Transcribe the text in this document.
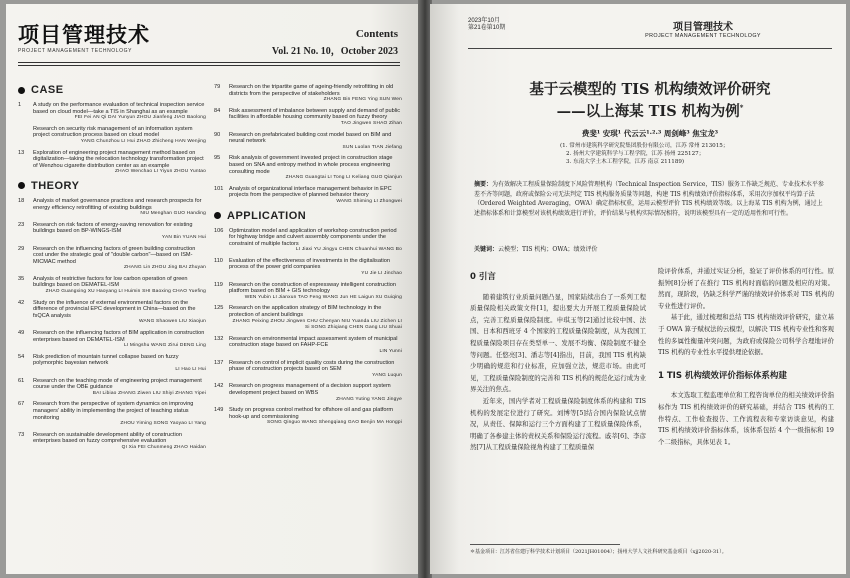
项目管理技术
PROJECT MANAGEMENT TECHNOLOGY
Contents
Vol. 21 No. 10，October 2023
CASE
1	A study on the performance evaluation of technical inspection service based on cloud model—take a TIS in Shanghai as an example
FEI Fei AN Qi DAI Yunyun ZHOU Jianfeng JIAO Baolong
Research on security risk management of an information system project construction process based on cloud model
YANG Chunzhou LI Hui ZHAO Zhicheng HAN Wenjing
13	Exploration of engineering project management method based on digitalization—taking the relocation technology transformation project of Wenzhou cigarette distribution center as an example
ZHAO Wenchao LI Yiyun ZHOU Yuntao
THEORY
18	Analysis of market governance practices and research prospects for energy efficiency retrofitting of existing buildings
NIU Menghan GUO Handing
23	Research on risk factors of energy-saving renovation for existing buildings based on BP-WINGS-ISM
YAN Bin YUAN Hui
29	Research on the influencing factors of green building construction cost under the strategic goal of "double carbon"—based on ISM-MICMAC method
ZHANG Lin ZHOU Jing BAI Zhuyan
35	Analysis of restrictive factors for low carbon operation of green buildings based on DEMATEL-ISM
ZHAO Guangxing XU Haoyang LI Huimin SHI Baoxing CHAO Yuefing
42	Study on the influence of external environmental factors on the difference of provincial EPC development in China—based on the fsQCA analysis
WANG Shaowen LIU Xiaojun
49	Research on the influencing factors of BIM application in construction enterprises based on DEMATEL-ISM
LI Mingshu WANG Zirui DENG Ling
54	Risk prediction of mountain tunnel collapse based on fuzzy polymorphic bayesian network
LI Hao LI Hui
61	Research on the teaching mode of engineering project management course under the OBE guidance
BAI Libiao ZHANG Ziwen LIU Shiyi ZHANG Yipei
67	Research from the perspective of system dynamics on improving managers' ability in implementing the project of teaching status monitoring
ZHOU Yiming SONG Yaoyao LI Yang
73	Research on sustainable development ability of construction enterprises based on fuzzy comprehensive evaluation
QI Xia FEI Chunmeng ZHAO Haidan
79	Research on the tripartite game of ageing-friendly retrofitting in old districts from the perspective of stakeholders
ZHANG Bin FENG Ying SUN Wen
84	Risk assessment of imbalance between supply and demand of public facilities in affordable housing community based on fuzzy theory
TAO Jingwen SHAO Zihan
90	Research on prefabricated building cost model based on BIM and neural network
SUN Luolan TIAN Jiefang
95	Risk analysis of government invested project in construction stage based on SNA and entropy method in whole process engineering consulting mode
ZHANG Guangtai LI Tong LI Keliang GUO Qianjun
101	Analysis of organizational interface management behavior in EPC projects from the perspective of planned behavior theory
WANG Shiming LI Zhongwei
APPLICATION
106	Optimization model and application of workshop construction period for highway bridge and culvert assembly components under the constraint of multiple factors
LI Jiaxi YU Jingyu CHEN Chuanhui WANG Bo
110	Evaluation of the effectiveness of investments in the digitalisation process of the power grid companies
YU Jie LI Jinchao
119	Research on the construction of expressway intelligent construction platform based on BIM + GIS technology
WEN Yubin LI Jianxun TAO Feng WANG Jun HE Laigun XU Guiqing
125	Research on the application strategy of BIM technology in the protection of ancient buildings
ZHANG Peixing ZHOU Jingwen CHU Chenyan NIU Yuanda LIU Zichen LI Si SONG Zhiqiang CHEN Gang LIU Shuai
132	Research on environmental impact assessment system of municipal construction stage based on FAHP-FCE
LIN Yunni
137	Research on control of implicit quality costs during the construction phase of construction projects based on SEM
YANG Luqun
142	Research on progress management of a decision support system development project based on WBS
ZHANG Yuting YANG Jingye
149	Study on progress control method for offshore oil and gas platform hook-up and commissioning
SONG Qinguo WANG Shengqiang GAO Benjin MA Hongpi
2023年10月
第21卷第10期	项目管理技术
PROJECT MANAGEMENT TECHNOLOGY
基于云模型的 TIS 机构绩效评价研究
——以上海某 TIS 机构为例*
费斐¹ 安琪¹ 代云云¹·²·³ 周剑峰³ 焦宝龙³
(1. 常州市建筑科学研究院集团股份有限公司，江苏 常州 213015；
2. 扬州大学建筑科学与工程学院，江苏 扬州 225127；
3. 东南大学土木工程学院，江苏 南京 211189)
摘要：为有效解决工程质量保险制度下风险管理机构（Technical Inspection Service，TIS）服务工作缺乏规范、专业技术水平参差不齐等问题，政府或保险公司无法判定 TIS 机构服务质量等问题，构建 TIS 机构绩效评价指标体系，采用次序加权平均算子法（Ordered Weighted Averaging，OWA）确定指标权重，运用云模型评价 TIS 机构绩效等级。以上海某 TIS 机构为例，通过上述指标体系和计算模型对该机构绩效进行评价，评价结果与机构实际情况相符，说明该模型具有一定的适用性和可行性。
关键词：云模型；TIS 机构；OWA；绩效评价
0 引言

随着建筑行业质量问题凸显，国家陆续出台了一系列工程质量保险相关政策文件[1]，提出要大力开展工程质量保险试点，完善工程质量保险制度。申琪玉等[2]通过比较中国、法国、日本和西班牙 4 个国家的工程质量保险制度，从为我国工程质量保险项目存在类型单一、发展不均衡、保险制度不健全等问题。任悠亮[3]、潘志等[4]指出，目前，我国 TIS 机构缺少明确的规范和行业标准，应加强立法，规范市场。由此可见，工程质量保险制度的完善和 TIS 机构的规范化运行成为业界关注的焦点。

近年来，国内学者对工程质量保险制度体系的构建和 TIS 机构的发展定位进行了研究。刘博等[5]结合国内保险试点情况，从责任、保障和运行三个方面构建了工程质量保险体系，明确了各参建主体的责权关系和保险运行流程。戚莘[6]、李彦然[7]从工程质量保险视角构建了工程质量保

险评价体系，并通过实证分析，验证了评价体系的可行性。原振钟[8]分析了在推行 TIS 机构时面临的问题及相应的对策。然而，现阶段，仍缺乏科学严谨的绩效评价体系对 TIS 机构的专业性进行评价。

基于此，通过梳理和总结 TIS 机构绩效评价研究，建立基于 OWA 算子赋权法的云模型，以解决 TIS 机构专业性和客观性的多属性衡量冲突问题，为政府或保险公司科学合理地评价 TIS 机构的专业性水平提供理论依据。

1 TIS 机构绩效评价指标体系构建

本文选取工程监理单位和工程咨询单位的相关绩效评价指标作为 TIS 机构绩效评价的研究基础，并结合 TIS 机构的工作特点、工作检查报告、工作流程表和专家访谈意见，构建 TIS 机构绩效评价指标体系，该体系包括 4 个一级指标和 19 个二级指标，具体见表 1。

＊基金项目：江苏省住建厅科学技术计划项目（2021JH01004）；扬州大学人文社科研究基金项目（xjj2020-31）。
